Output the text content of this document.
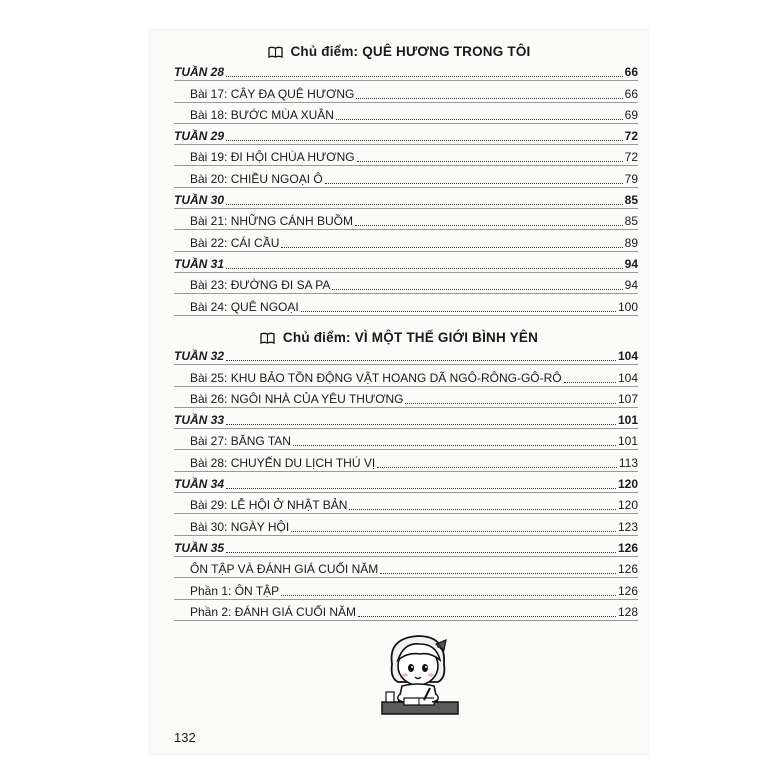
Chủ điểm: QUÊ HƯƠNG TRONG TÔI
TUẦN 28	66
Bài 17: CÂY ĐA QUÊ HƯƠNG	66
Bài 18: BƯỚC MÙA XUÂN	69
TUẦN 29	72
Bài 19: ĐI HỘI CHÙA HƯƠNG	72
Bài 20: CHIỀU NGOẠI Ô	79
TUẦN 30	85
Bài 21: NHỮNG CÁNH BUỒM	85
Bài 22: CÁI CẦU	89
TUẦN 31	94
Bài 23: ĐƯỜNG ĐI SA PA	94
Bài 24: QUÊ NGOẠI	100
Chủ điểm: VÌ MỘT THẾ GIỚI BÌNH YÊN
TUẦN 32	104
Bài 25: KHU BẢO TỒN ĐỘNG VẬT HOANG DÃ NGÔ-RÔNG-GÔ-RÔ	104
Bài 26: NGÔI NHÀ CỦA YÊU THƯƠNG	107
TUẦN 33	101
Bài 27: BĂNG TAN	101
Bài 28: CHUYẾN DU LỊCH THÚ VỊ	113
TUẦN 34	120
Bài 29: LỄ HỘI Ở NHẬT BẢN	120
Bài 30: NGÀY HỘI	123
TUẦN 35	126
ÔN TẬP VÀ ĐÁNH GIÁ CUỐI NĂM	126
Phần 1: ÔN TẬP	126
Phần 2: ĐÁNH GIÁ CUỐI NĂM	128
132
